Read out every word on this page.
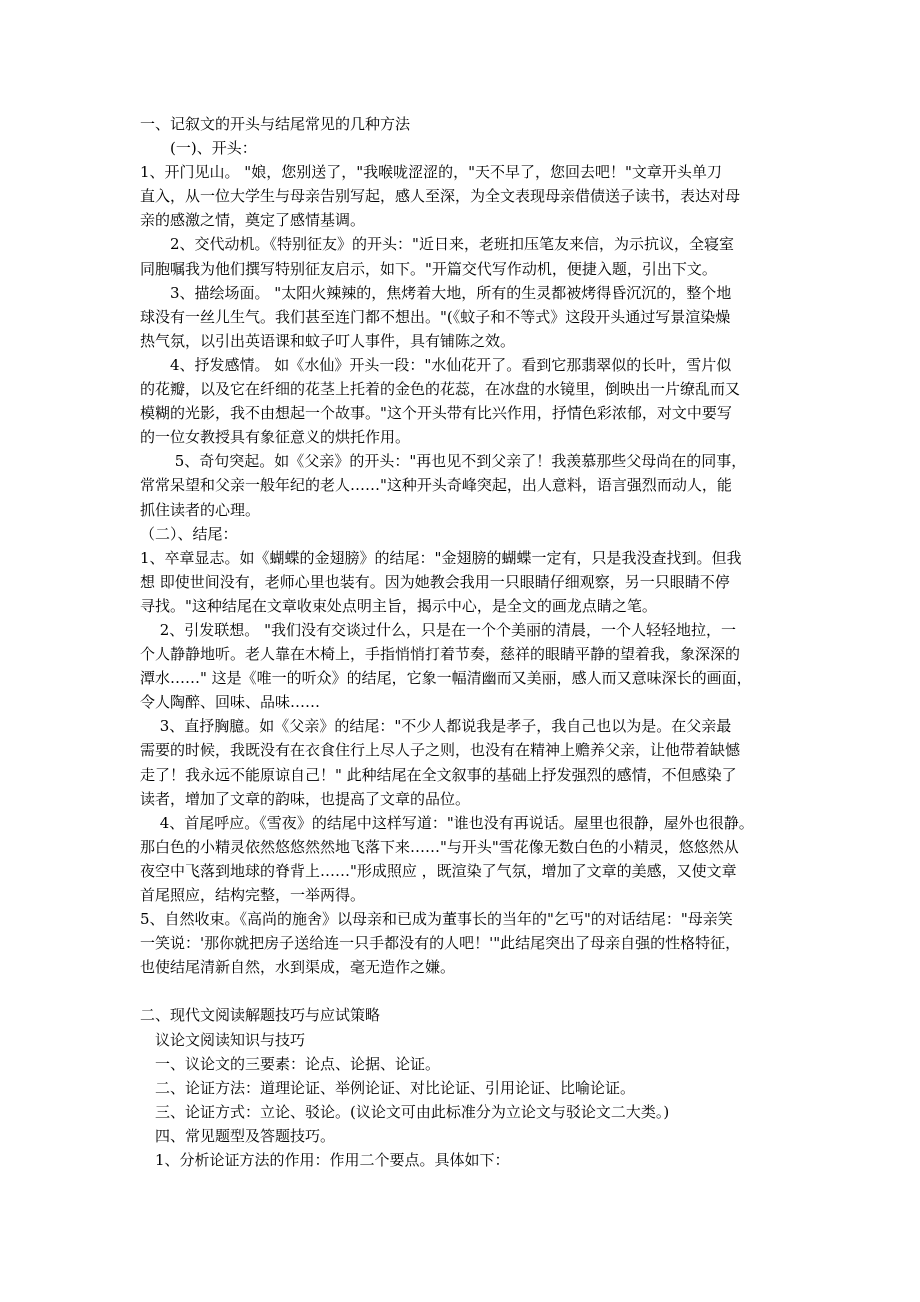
一、记叙文的开头与结尾常见的几种方法
　　(一)、开头：
1、开门见山。 "娘，您别送了，"我喉咙涩涩的，"天不早了，您回去吧！"文章开头单刀
直入，从一位大学生与母亲告别写起，感人至深，为全文表现母亲借债送子读书，表达对母
亲的感激之情，奠定了感情基调。
　　2、交代动机。《特别征友》的开头："近日来，老班扣压笔友来信，为示抗议，全寝室
同胞嘱我为他们撰写特别征友启示，如下。"开篇交代写作动机，便捷入题，引出下文。
　　3、描绘场面。 "太阳火辣辣的，焦烤着大地，所有的生灵都被烤得昏沉沉的，整个地
球没有一丝儿生气。我们甚至连门都不想出。"(《蚊子和不等式》这段开头通过写景渲染燥
热气氛，以引出英语课和蚊子叮人事件，具有铺陈之效。
　　4、抒发感情。 如《水仙》开头一段："水仙花开了。看到它那翡翠似的长叶，雪片似
的花瓣，以及它在纤细的花茎上托着的金色的花蕊，在冰盘的水镜里，倒映出一片缭乱而又
模糊的光影，我不由想起一个故事。"这个开头带有比兴作用，抒情色彩浓郁，对文中要写
的一位女教授具有象征意义的烘托作用。
　　 5、奇句突起。如《父亲》的开头："再也见不到父亲了！我羡慕那些父母尚在的同事，
常常呆望和父亲一般年纪的老人……"这种开头奇峰突起，出人意料，语言强烈而动人，能
抓住读者的心理。
（二）、结尾：
1、卒章显志。如《蝴蝶的金翅膀》的结尾："金翅膀的蝴蝶一定有，只是我没查找到。但我
想 即使世间没有，老师心里也装有。因为她教会我用一只眼睛仔细观察，另一只眼睛不停
寻找。"这种结尾在文章收束处点明主旨，揭示中心，是全文的画龙点睛之笔。
　 2、引发联想。 "我们没有交谈过什么，只是在一个个美丽的清晨，一个人轻轻地拉，一
个人静静地听。老人靠在木椅上，手指悄悄打着节奏，慈祥的眼睛平静的望着我，象深深的
潭水……" 这是《唯一的听众》的结尾，它象一幅清幽而又美丽，感人而又意味深长的画面，
令人陶醉、回味、品味……
　 3、直抒胸臆。如《父亲》的结尾："不少人都说我是孝子，我自己也以为是。在父亲最
需要的时候，我既没有在衣食住行上尽人子之则，也没有在精神上赡养父亲，让他带着缺憾
走了！我永远不能原谅自己！" 此种结尾在全文叙事的基础上抒发强烈的感情，不但感染了
读者，增加了文章的韵味，也提高了文章的品位。
　 4、首尾呼应。《雪夜》的结尾中这样写道："谁也没有再说话。屋里也很静，屋外也很静。
那白色的小精灵依然悠悠然然地飞落下来……"与开头"雪花像无数白色的小精灵，悠悠然从
夜空中飞落到地球的脊背上……"形成照应 ，既渲染了气氛，增加了文章的美感，又使文章
首尾照应，结构完整，一举两得。
5、自然收束。《高尚的施舍》以母亲和已成为董事长的当年的"乞丐"的对话结尾："母亲笑
一笑说：'那你就把房子送给连一只手都没有的人吧！'"此结尾突出了母亲自强的性格特征，
也使结尾清新自然，水到渠成，毫无造作之嫌。
二、现代文阅读解题技巧与应试策略
　议论文阅读知识与技巧
　一、议论文的三要素：论点、论据、论证。
　二、论证方法：道理论证、举例论证、对比论证、引用论证、比喻论证。
　三、论证方式：立论、驳论。(议论文可由此标准分为立论文与驳论文二大类。)
　四、常见题型及答题技巧。
　1、分析论证方法的作用：作用二个要点。具体如下：
